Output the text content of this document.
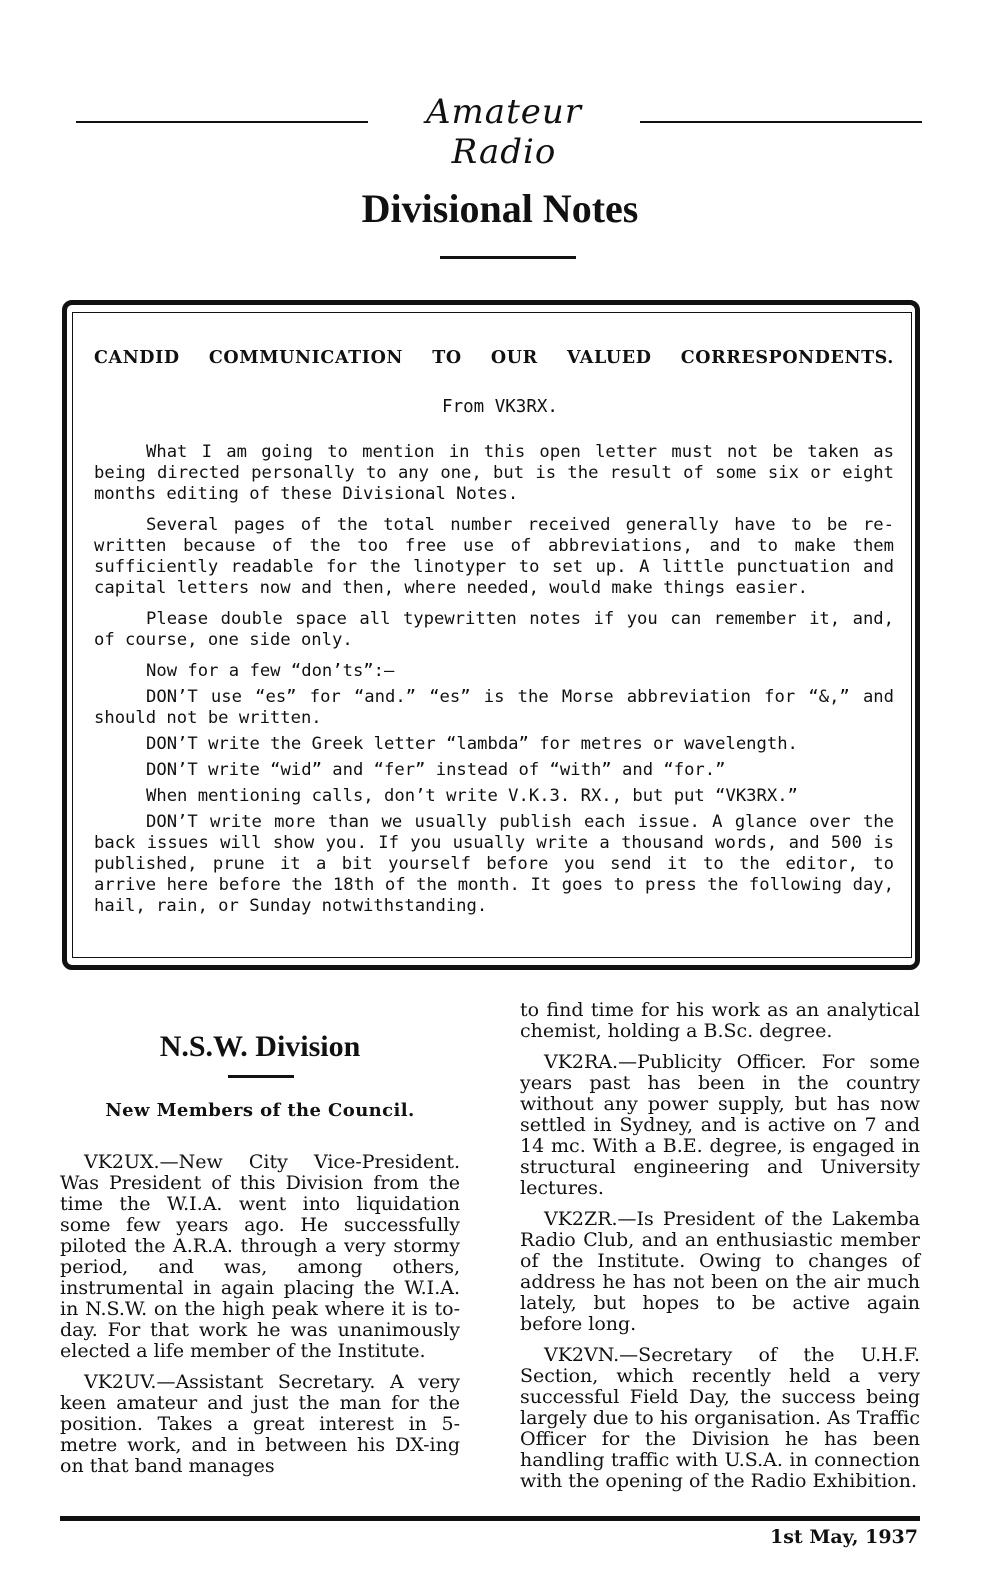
Amateur Radio
Divisional Notes
CANDID COMMUNICATION TO OUR VALUED CORRESPONDENTS.
From VK3RX.

What I am going to mention in this open letter must not be taken as being directed personally to any one, but is the result of some six or eight months editing of these Divisional Notes.

Several pages of the total number received generally have to be re-written because of the too free use of abbreviations, and to make them sufficiently readable for the linotyper to set up. A little punctuation and capital letters now and then, where needed, would make things easier.

Please double space all typewritten notes if you can remember it, and, of course, one side only.

Now for a few “don’ts”:—

DON’T use “es” for “and.” “es” is the Morse abbreviation for “&,” and should not be written.

DON’T write the Greek letter “lambda” for metres or wavelength.

DON’T write “wid” and “fer” instead of “with” and “for.”

When mentioning calls, don’t write V.K.3. RX., but put “VK3RX.”

DON’T write more than we usually publish each issue. A glance over the back issues will show you. If you usually write a thousand words, and 500 is published, prune it a bit yourself before you send it to the editor, to arrive here before the 18th of the month. It goes to press the following day, hail, rain, or Sunday notwithstanding.

N.S.W. Division
New Members of the Council.

VK2UX.—New City Vice-President. Was President of this Division from the time the W.I.A. went into liquidation some few years ago. He successfully piloted the A.R.A. through a very stormy period, and was, among others, instrumental in again placing the W.I.A. in N.S.W. on the high peak where it is to-day. For that work he was unanimously elected a life member of the Institute.

VK2UV.—Assistant Secretary. A very keen amateur and just the man for the position. Takes a great interest in 5-metre work, and in between his DX-ing on that band manages

to find time for his work as an analytical chemist, holding a B.Sc. degree.

VK2RA.—Publicity Officer. For some years past has been in the country without any power supply, but has now settled in Sydney, and is active on 7 and 14 mc. With a B.E. degree, is engaged in structural engineering and University lectures.

VK2ZR.—Is President of the Lakemba Radio Club, and an enthusiastic member of the Institute. Owing to changes of address he has not been on the air much lately, but hopes to be active again before long.

VK2VN.—Secretary of the U.H.F. Section, which recently held a very successful Field Day, the success being largely due to his organisation. As Traffic Officer for the Division he has been handling traffic with U.S.A. in connection with the opening of the Radio Exhibition.

1st May, 1937
